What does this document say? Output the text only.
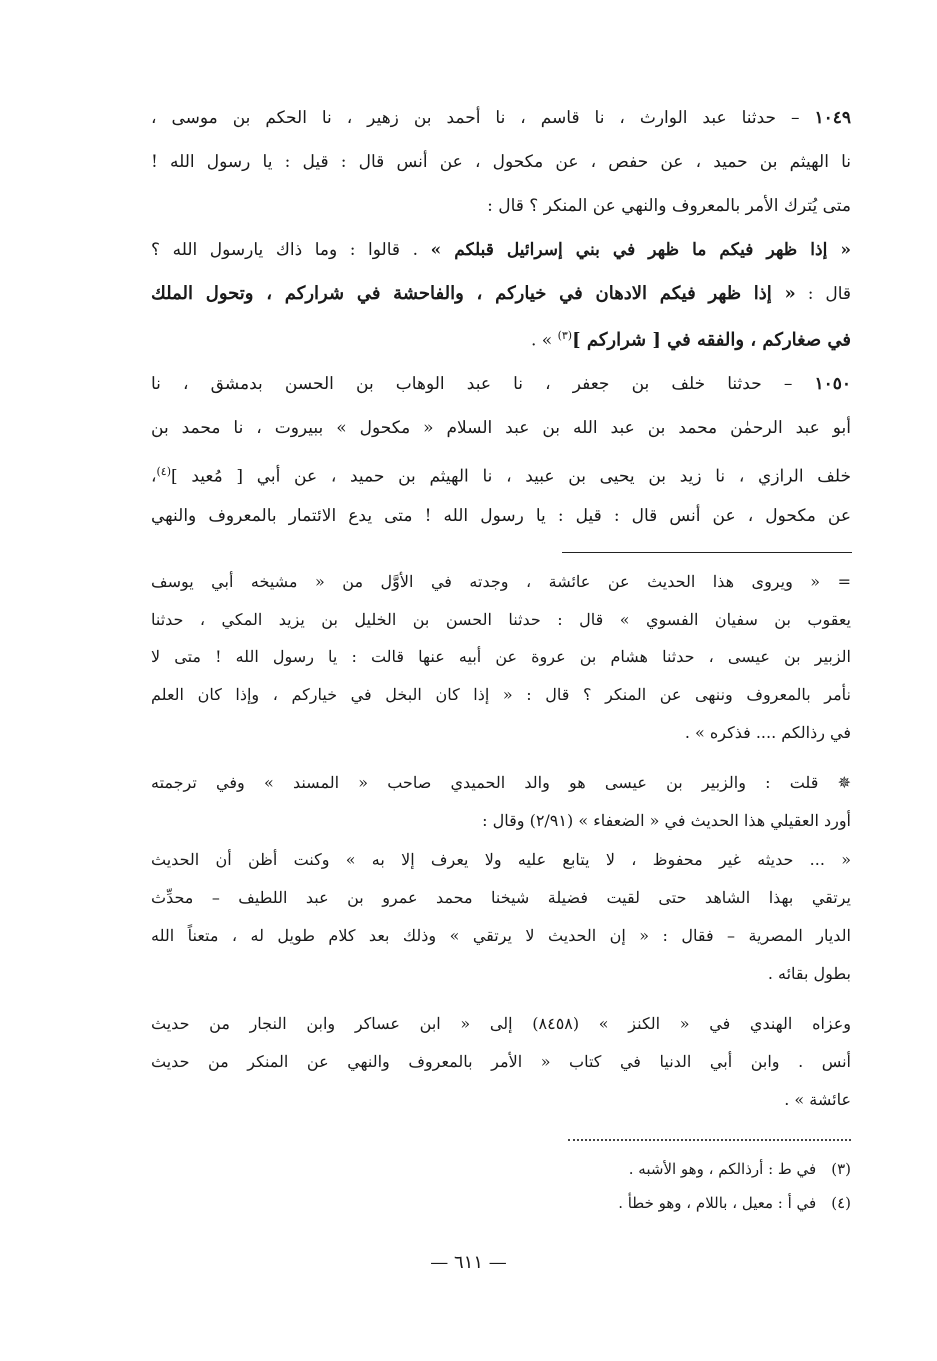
١٠٤٩ – حدثنا عبد الوارث ، نا قاسم ، نا أحمد بن زهير ، نا الحكم بن موسى ،
نا الهيثم بن حميد ، عن حفص ، عن مكحول ، عن أنس قال : قيل : يا رسول الله !
متى يُترك الأمر بالمعروف والنهي عن المنكر ؟ قال :
« إذا ظهر فيكم ما ظهر في بني إسرائيل قبلكم » . قالوا : وما ذاك يارسول الله ؟
قال : « إذا ظهر فيكم الادهان في خياركم ، والفاحشة في شراركم ، وتحول الملك
في صغاركم ، والفقه في [ شراركم ]$^{(٣)}$ » .
١٠٥٠ – حدثنا خلف بن جعفر ، نا عبد الوهاب بن الحسن بدمشق ، نا
أبو عبد الرحمٰن محمد بن عبد الله بن عبد السلام « مكحول » ببيروت ، نا محمد بن
خلف الرازي ، نا زيد بن يحيى بن عبيد ، نا الهيثم بن حميد ، عن أبي [ مُعيد ]$^{(٤)}$،
عن مكحول ، عن أنس قال : قيل : يا رسول الله ! متى يدع الائتمار بالمعروف والنهي
= « ويروى هذا الحديث عن عائشة ، وجدته في الأوَّل من « مشيخه أبي يوسف
يعقوب بن سفيان الفسوي » قال : حدثنا الحسن بن الخليل بن يزيد المكي ، حدثنا
الزبير بن عيسى ، حدثنا هشام بن عروة عن أبيه عنها قالت : يا رسول الله ! متى لا
نأمر بالمعروف وننهى عن المنكر ؟ قال : « إذا كان البخل في خياركم ، وإذا كان العلم
في رذالكم .... فذكره » .
✵ قلت : والزبير بن عيسى هو والد الحميدي صاحب « المسند » وفي ترجمته
أورد العقيلي هذا الحديث في « الضعفاء » (٢/٩١) وقال :
« ... حديثه غير محفوظ ، لا يتابع عليه ولا يعرف إلا به » وكنت أظن أن الحديث
يرتقي بهذا الشاهد حتى لقيت فضيلة شيخنا محمد عمرو بن عبد اللطيف – محدِّث
الديار المصرية – فقال : « إن الحديث لا يرتقي » وذلك بعد كلام طويل له ، متعناً الله
بطول بقائه .
وعزاه الهندي في « الكنز » (٨٤٥٨) إلى « ابن عساكر وابن النجار من حديث
أنس . وابن أبي الدنيا في كتاب « الأمر بالمعروف والنهي عن المنكر من حديث
عائشة » .
(٣) في ط : أرذالكم ، وهو الأشبه .
(٤) في أ : معيل ، باللام ، وهو خطأ .
— ٦١١ —
